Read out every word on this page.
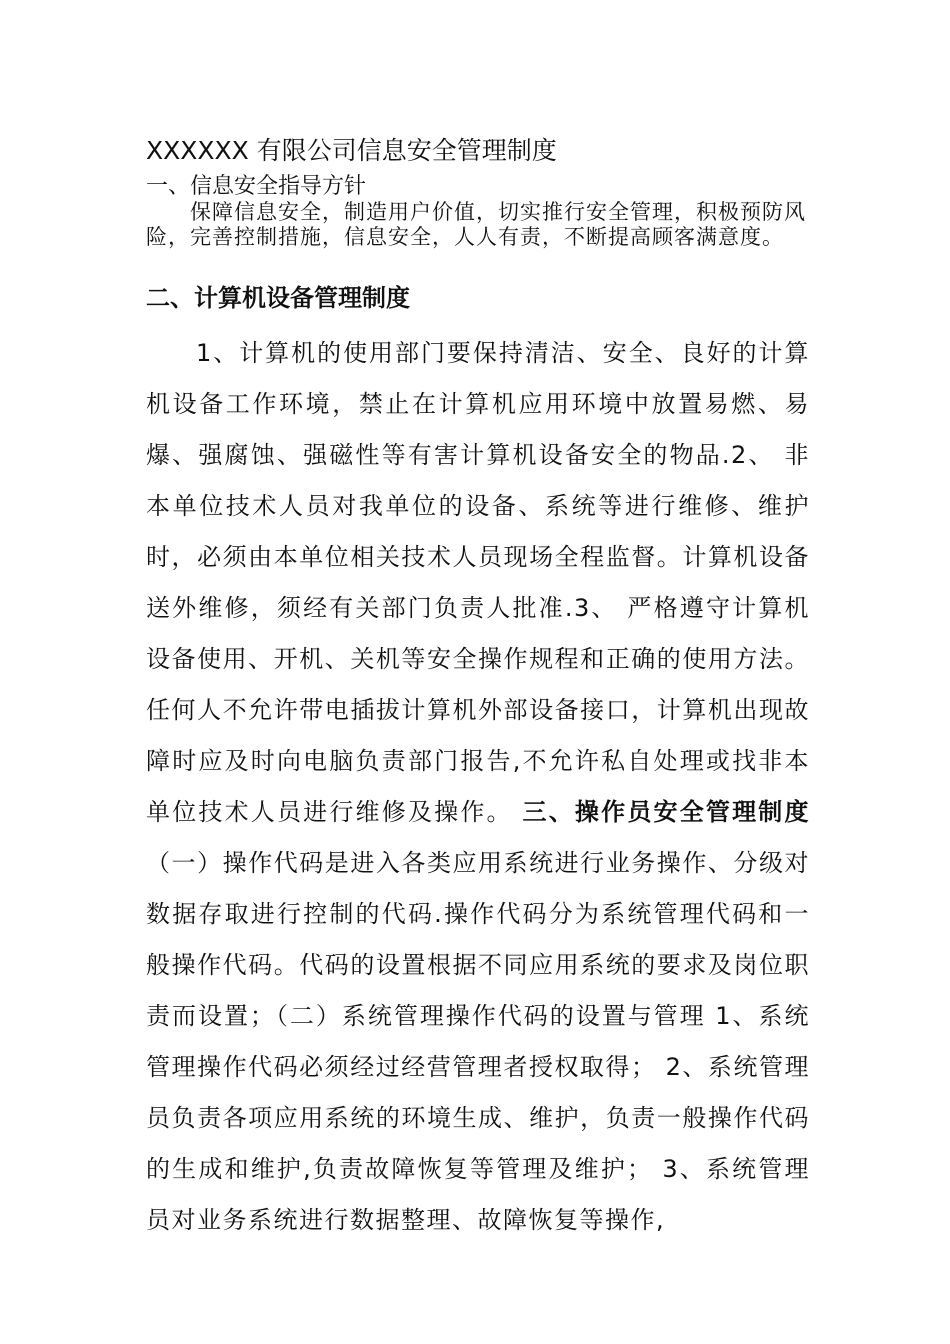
XXXXXX 有限公司信息安全管理制度
一、信息安全指导方针

保障信息安全，制造用户价值，切实推行安全管理，积极预防风险，完善控制措施，信息安全，人人有责，不断提高顾客满意度。

二、计算机设备管理制度

1、计算机的使用部门要保持清洁、安全、良好的计算机设备工作环境，禁止在计算机应用环境中放置易燃、易爆、强腐蚀、强磁性等有害计算机设备安全的物品.2、 非本单位技术人员对我单位的设备、系统等进行维修、维护时，必须由本单位相关技术人员现场全程监督。计算机设备送外维修，须经有关部门负责人批准.3、 严格遵守计算机设备使用、开机、关机等安全操作规程和正确的使用方法。任何人不允许带电插拔计算机外部设备接口，计算机出现故障时应及时向电脑负责部门报告,不允许私自处理或找非本单位技术人员进行维修及操作。 三、操作员安全管理制度 （一）操作代码是进入各类应用系统进行业务操作、分级对数据存取进行控制的代码.操作代码分为系统管理代码和一般操作代码。代码的设置根据不同应用系统的要求及岗位职责而设置；（二）系统管理操作代码的设置与管理 1、系统管理操作代码必须经过经营管理者授权取得； 2、系统管理员负责各项应用系统的环境生成、维护，负责一般操作代码的生成和维护,负责故障恢复等管理及维护； 3、系统管理员对业务系统进行数据整理、故障恢复等操作,
